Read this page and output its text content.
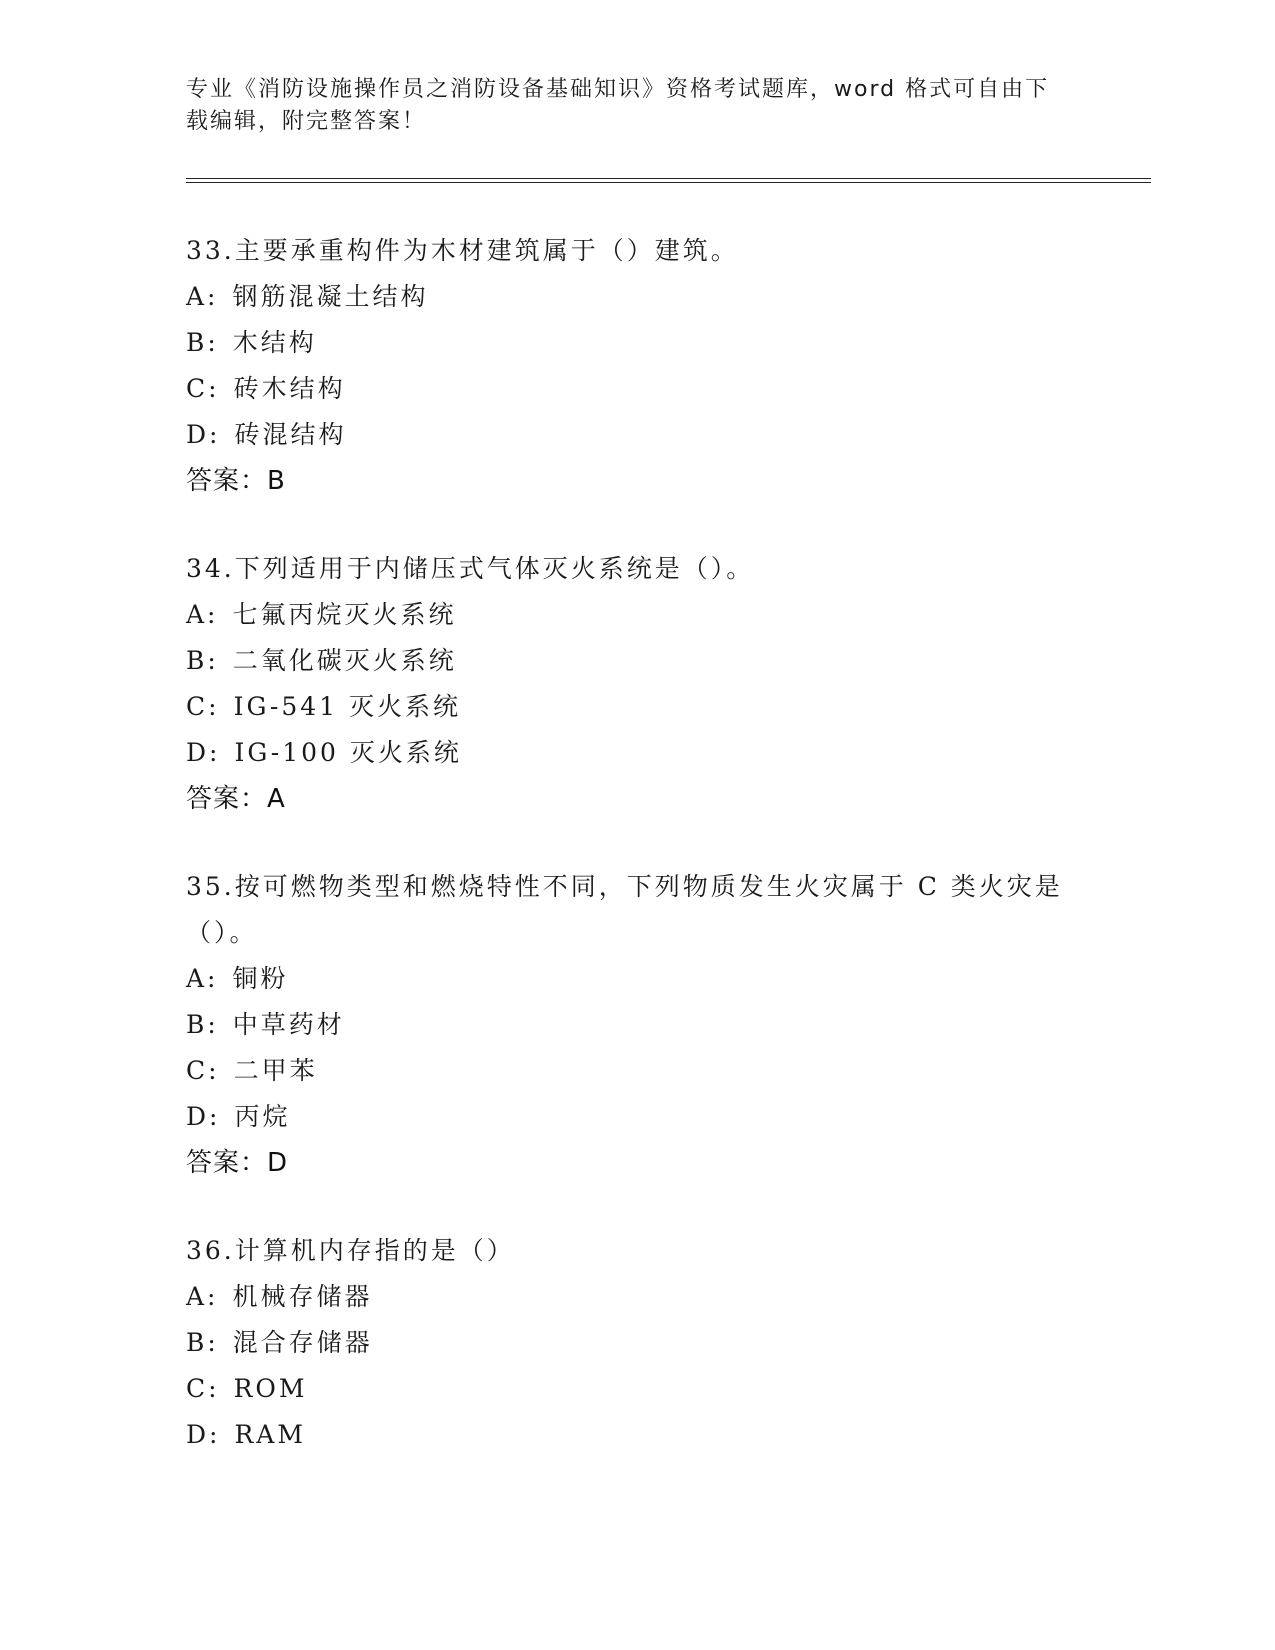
专业《消防设施操作员之消防设备基础知识》资格考试题库，word 格式可自由下
载编辑，附完整答案！
33.主要承重构件为木材建筑属于（）建筑。
A: 钢筋混凝土结构
B: 木结构
C: 砖木结构
D: 砖混结构
答案：B
34.下列适用于内储压式气体灭火系统是（）。
A: 七氟丙烷灭火系统
B: 二氧化碳灭火系统
C: IG-541 灭火系统
D: IG-100 灭火系统
答案：A
35.按可燃物类型和燃烧特性不同，下列物质发生火灾属于 C 类火灾是（）。
A: 铜粉
B: 中草药材
C: 二甲苯
D: 丙烷
答案：D
36.计算机内存指的是（）
A: 机械存储器
B: 混合存储器
C: ROM
D: RAM
